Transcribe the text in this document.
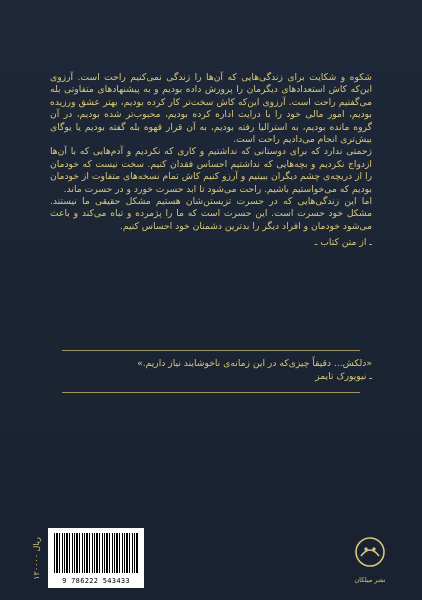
شکوه و شکایت برای زندگی‌هایی که آن‌ها را زندگی نمی‌کنیم راحت است. آرزوی این‌که کاش استعدادهای دیگرمان را پرورش داده بودیم و به پیشنهادهای متفاوتی بله می‌گفتیم راحت است. آرزوی این‌که کاش سخت‌تر کار کرده بودیم، بهتر عشق ورزیده بودیم، امور مالی خود را با درایت اداره کرده بودیم، محبوب‌تر شده بودیم، در آن گروه مانده بودیم، به استرالیا رفته بودیم، به آن قرار قهوه بله گفته بودیم یا یوگای بیش‌تری انجام می‌دادیم راحت است.

زحمتی ندارد که برای دوستانی که نداشتیم و کاری که نکردیم و آدم‌هایی که با آن‌ها ازدواج نکردیم و بچه‌هایی که نداشتیم احساس فقدان کنیم. سخت نیست که خودمان را از دریچه‌ی چشم دیگران ببینیم و آرزو کنیم کاش تمام نسخه‌های متفاوت از خودمان بودیم که می‌خواستیم باشیم. راحت می‌شود تا ابد حسرت خورد و در حسرت ماند.

اما این زندگی‌هایی که در حسرت تزیستن‌شان هستیم مشکل حقیقی ما نیستند. مشکل خود حسرت است. این حسرت است که ما را پژمرده و تباه می‌کند و باعث می‌شود خودمان و افراد دیگر را بدترین دشمنان خود احساس کنیم.

ـ از متن کتاب ـ

«دلکش... دقیقاً چیزی‌که در این زمانه‌ی ناخوشایند نیاز داریم.»

ـ نیویورک تایمز

۱۲۰۰۰۰ ریال
9 786222 543433	نشر میلکان
